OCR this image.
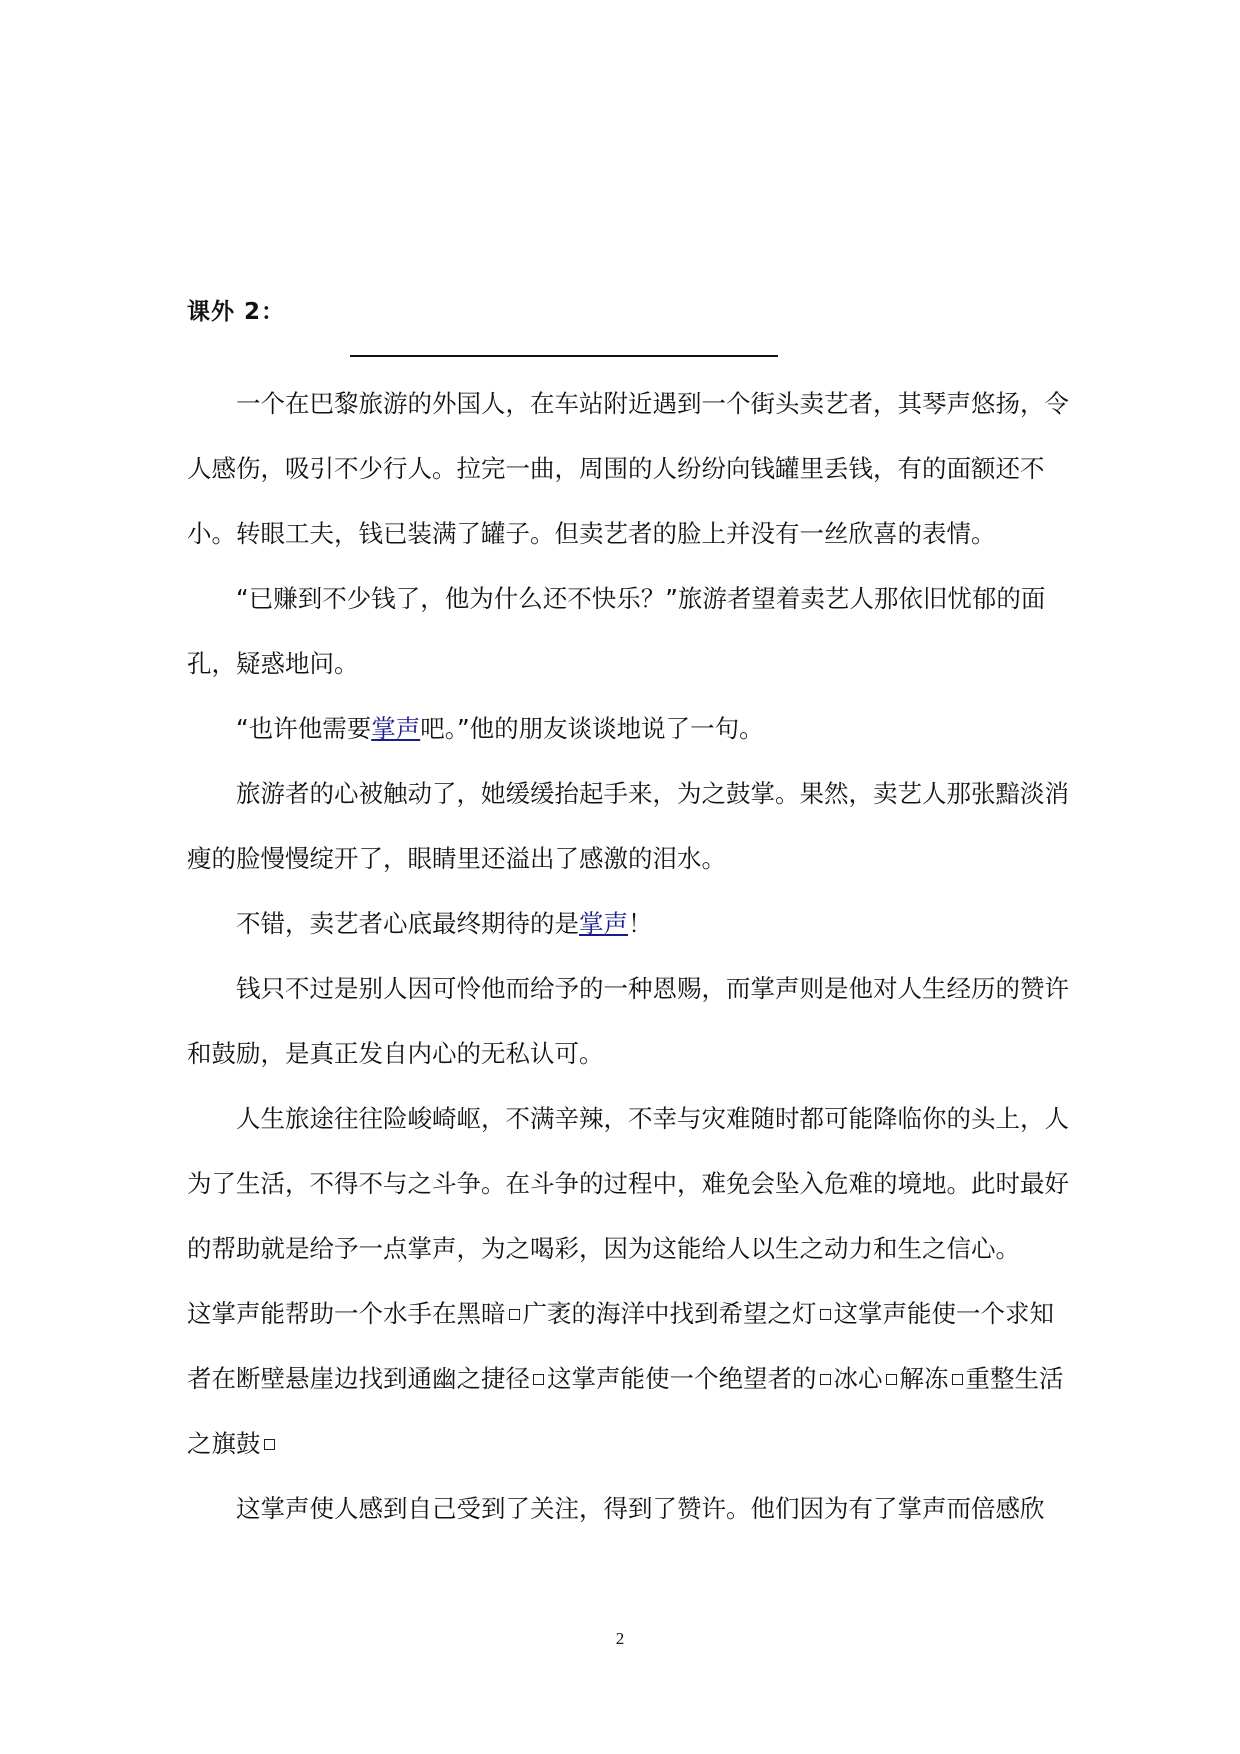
课外 2：

一个在巴黎旅游的外国人，在车站附近遇到一个街头卖艺者，其琴声悠扬，令人感伤，吸引不少行人。拉完一曲，周围的人纷纷向钱罐里丢钱，有的面额还不小。转眼工夫，钱已装满了罐子。但卖艺者的脸上并没有一丝欣喜的表情。

“已赚到不少钱了，他为什么还不快乐？”旅游者望着卖艺人那依旧忧郁的面孔，疑惑地问。

“也许他需要掌声吧。”他的朋友谈谈地说了一句。

旅游者的心被触动了，她缓缓抬起手来，为之鼓掌。果然，卖艺人那张黯淡消瘦的脸慢慢绽开了，眼睛里还溢出了感激的泪水。

不错，卖艺者心底最终期待的是掌声！

钱只不过是别人因可怜他而给予的一种恩赐，而掌声则是他对人生经历的赞许和鼓励，是真正发自内心的无私认可。

人生旅途往往险峻崎岖，不满辛辣，不幸与灾难随时都可能降临你的头上，人为了生活，不得不与之斗争。在斗争的过程中，难免会坠入危难的境地。此时最好的帮助就是给予一点掌声，为之喝彩，因为这能给人以生之动力和生之信心。

这掌声能帮助一个水手在黑暗 广袤的海洋中找到希望之灯 这掌声能使一个求知者在断壁悬崖边找到通幽之捷径 这掌声能使一个绝望者的 冰心 解冻 重整生活之旗鼓

这掌声使人感到自己受到了关注，得到了赞许。他们因为有了掌声而倍感欣

2
